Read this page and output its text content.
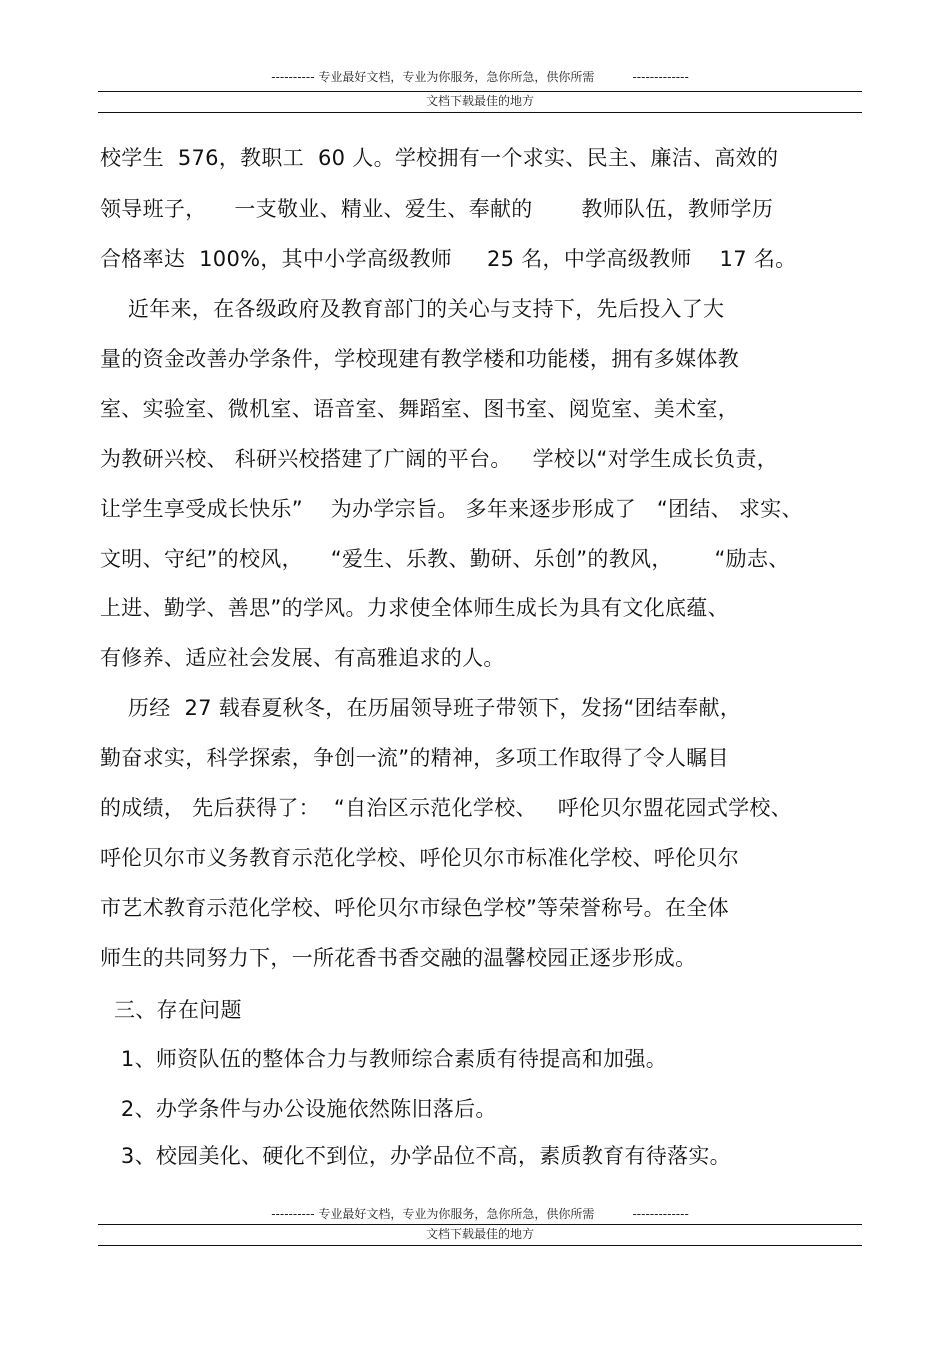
---------- 专业最好文档，专业为你服务，急你所急，供你所需          -------------
文档下载最佳的地方
校学生  576，教职工  60 人。学校拥有一个求实、民主、廉洁、高效的
领导班子，    一支敬业、精业、爱生、奉献的       教师队伍，教师学历
合格率达  100%，其中小学高级教师     25 名，中学高级教师    17 名。
近年来，在各级政府及教育部门的关心与支持下，先后投入了大
量的资金改善办学条件，学校现建有教学楼和功能楼，拥有多媒体教
室、实验室、微机室、语音室、舞蹈室、图书室、阅览室、美术室，
为教研兴校、 科研兴校搭建了广阔的平台。   学校以“对学生成长负责，
让学生享受成长快乐”    为办学宗旨。 多年来逐步形成了   “团结、 求实、
文明、守纪”的校风，    “爱生、乐教、勤研、乐创”的教风，      “励志、
上进、勤学、善思”的学风。力求使全体师生成长为具有文化底蕴、
有修养、适应社会发展、有高雅追求的人。
历经  27 载春夏秋冬，在历届领导班子带领下，发扬“团结奉献，
勤奋求实，科学探索，争创一流”的精神，多项工作取得了令人瞩目
的成绩， 先后获得了：  “自治区示范化学校、   呼伦贝尔盟花园式学校、
呼伦贝尔市义务教育示范化学校、呼伦贝尔市标准化学校、呼伦贝尔
市艺术教育示范化学校、呼伦贝尔市绿色学校”等荣誉称号。在全体
师生的共同努力下，一所花香书香交融的温馨校园正逐步形成。
三、存在问题
1、师资队伍的整体合力与教师综合素质有待提高和加强。
2、办学条件与办公设施依然陈旧落后。
3、校园美化、硬化不到位，办学品位不高，素质教育有待落实。
---------- 专业最好文档，专业为你服务，急你所急，供你所需          -------------
文档下载最佳的地方
